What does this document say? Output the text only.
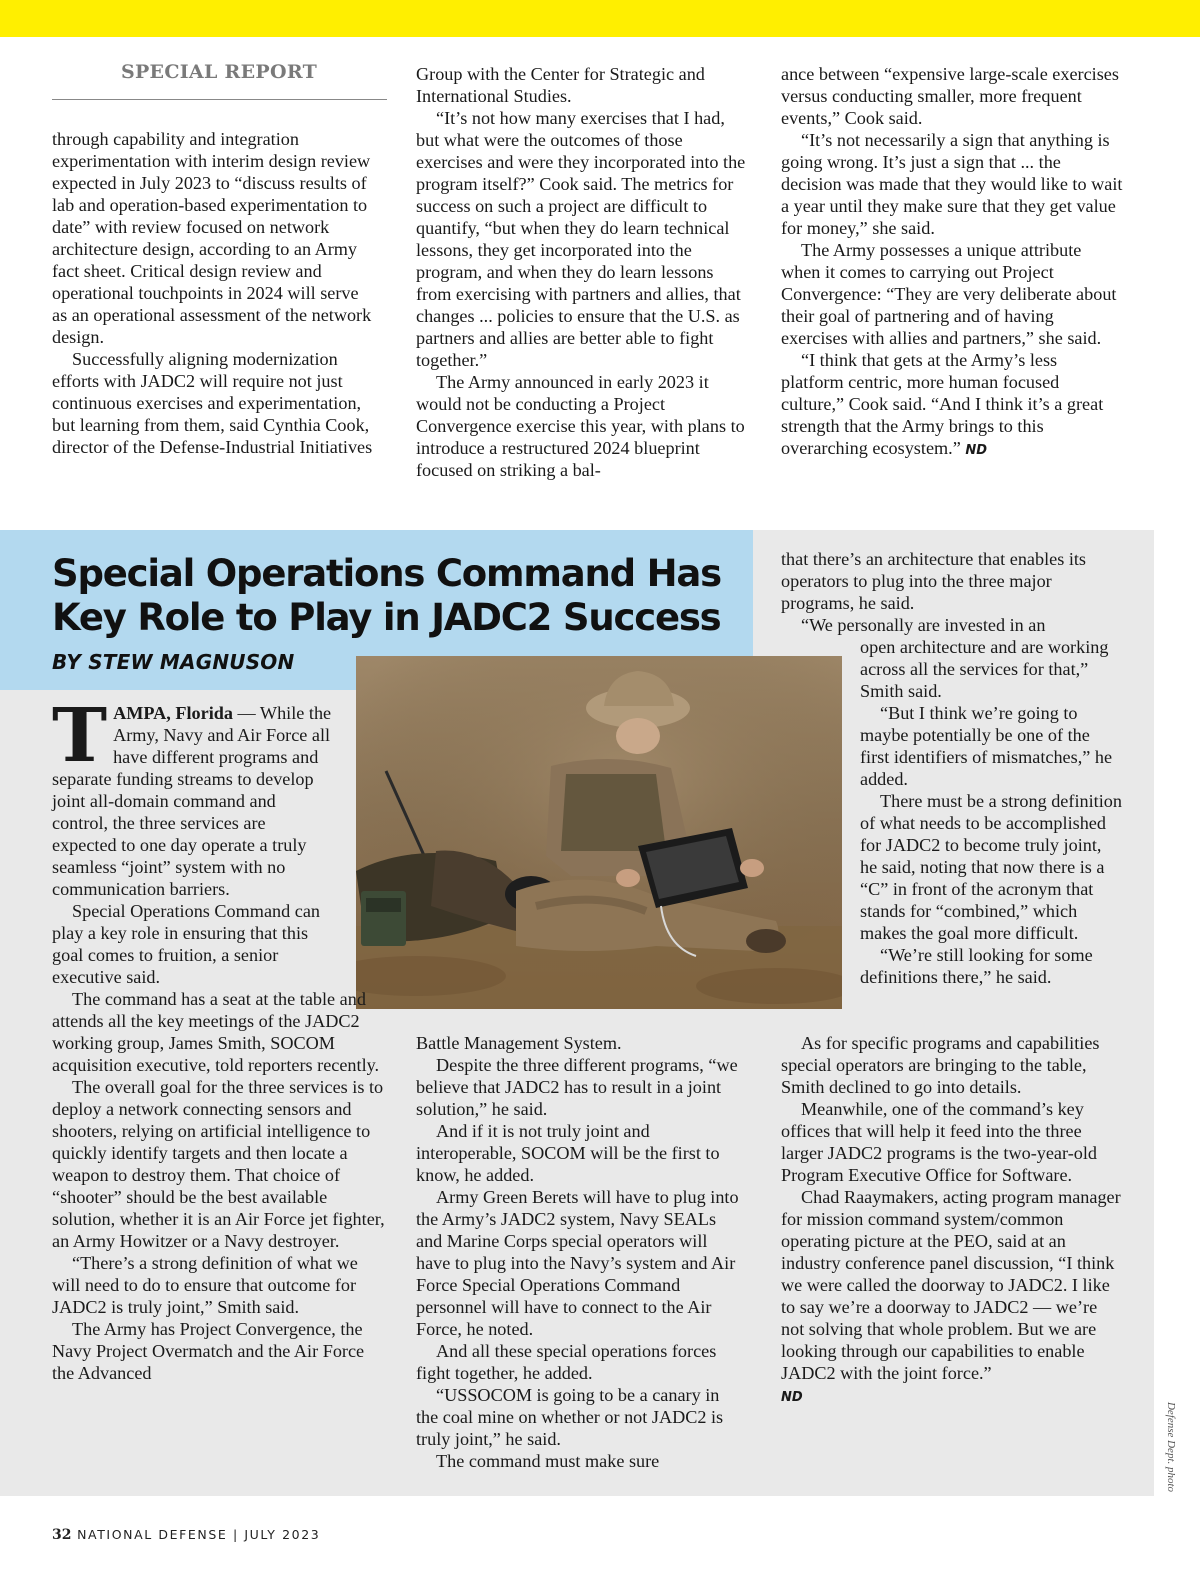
SPECIAL REPORT

through capability and integration experimentation with interim design review expected in July 2023 to “discuss results of lab and operation-based experimentation to date” with review focused on network architecture design, according to an Army fact sheet. Critical design review and operational touchpoints in 2024 will serve as an operational assessment of the network design.

Successfully aligning modernization efforts with JADC2 will require not just continuous exercises and experimentation, but learning from them, said Cynthia Cook, director of the Defense-Industrial Initiatives

Group with the Center for Strategic and International Studies.

“It’s not how many exercises that I had, but what were the outcomes of those exercises and were they incorporated into the program itself?” Cook said. The metrics for success on such a project are difficult to quantify, “but when they do learn technical lessons, they get incorporated into the program, and when they do learn lessons from exercising with partners and allies, that changes ... policies to ensure that the U.S. as partners and allies are better able to fight together.”

The Army announced in early 2023 it would not be conducting a Project Convergence exercise this year, with plans to introduce a restructured 2024 blueprint focused on striking a bal-

ance between “expensive large-scale exercises versus conducting smaller, more frequent events,” Cook said.

“It’s not necessarily a sign that anything is going wrong. It’s just a sign that ... the decision was made that they would like to wait a year until they make sure that they get value for money,” she said.

The Army possesses a unique attribute when it comes to carrying out Project Convergence: “They are very deliberate about their goal of partnering and of having exercises with allies and partners,” she said.

“I think that gets at the Army’s less platform centric, more human focused culture,” Cook said. “And I think it’s a great strength that the Army brings to this overarching ecosystem.” ND

Special Operations Command Has Key Role to Play in JADC2 Success
BY STEW MAGNUSON

TAMPA, Florida — While the Army, Navy and Air Force all have different programs and separate funding streams to develop joint all-domain command and control, the three services are expected to one day operate a truly seamless “joint” system with no communication barriers.

Special Operations Command can play a key role in ensuring that this goal comes to fruition, a senior executive said.

The command has a seat at the table and attends all the key meetings of the JADC2 working group, James Smith, SOCOM acquisition executive, told reporters recently.

The overall goal for the three services is to deploy a network connecting sensors and shooters, relying on artificial intelligence to quickly identify targets and then locate a weapon to destroy them. That choice of “shooter” should be the best available solution, whether it is an Air Force jet fighter, an Army Howitzer or a Navy destroyer.

“There’s a strong definition of what we will need to do to ensure that outcome for JADC2 is truly joint,” Smith said.

The Army has Project Convergence, the Navy Project Overmatch and the Air Force the Advanced

Battle Management System.

Despite the three different programs, “we believe that JADC2 has to result in a joint solution,” he said.

And if it is not truly joint and interoperable, SOCOM will be the first to know, he added.

Army Green Berets will have to plug into the Army’s JADC2 system, Navy SEALs and Marine Corps special operators will have to plug into the Navy’s system and Air Force Special Operations Command personnel will have to connect to the Air Force, he noted.

And all these special operations forces fight together, he added.

“USSOCOM is going to be a canary in the coal mine on whether or not JADC2 is truly joint,” he said.

The command must make sure

that there’s an architecture that enables its operators to plug into the three major programs, he said.

“We personally are invested in an

open architecture and are working across all the services for that,” Smith said.

“But I think we’re going to maybe potentially be one of the first identifiers of mismatches,” he added.

There must be a strong definition of what needs to be accomplished for JADC2 to become truly joint, he said, noting that now there is a “C” in front of the acronym that stands for “combined,” which makes the goal more difficult.

“We’re still looking for some definitions there,” he said.

As for specific programs and capabilities special operators are bringing to the table, Smith declined to go into details.

Meanwhile, one of the command’s key offices that will help it feed into the three larger JADC2 programs is the two-year-old Program Executive Office for Software.

Chad Raaymakers, acting program manager for mission command system/common operating picture at the PEO, said at an industry conference panel discussion, “I think we were called the doorway to JADC2. I like to say we’re a doorway to JADC2 — we’re not solving that whole problem. But we are looking through our capabilities to enable JADC2 with the joint force.”

ND

Defense Dept. photo
32 NATIONAL DEFENSE | JULY 2023
